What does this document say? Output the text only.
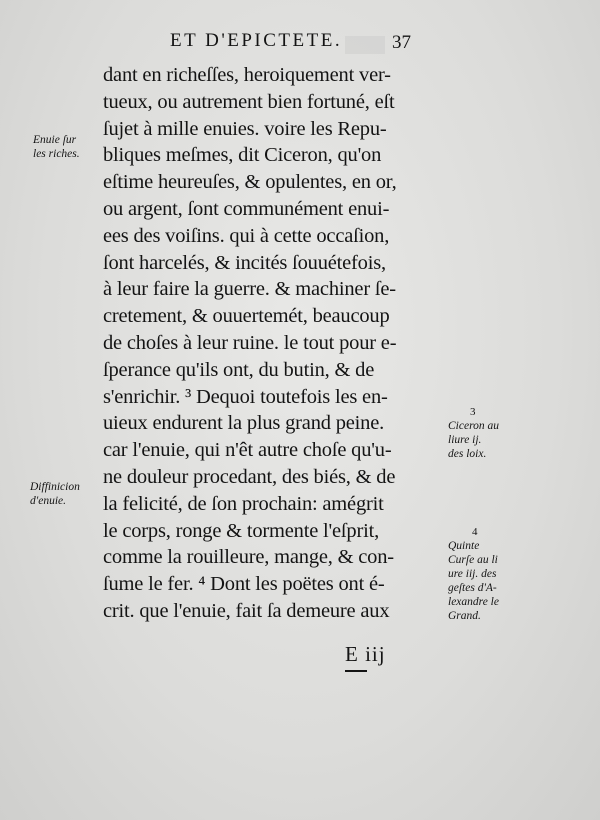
ET D'EPICTETE.	37
dant en richeſſes, heroiquement ver-
tueux, ou autrement bien fortuné, eſt
ſujet à mille enuies. voire les Repu-
bliques meſmes, dit Ciceron, qu'on
eſtime heureuſes, & opulentes, en or,
ou argent, ſont communément enui-
ees des voiſins. qui à cette occaſion,
ſont harcelés, & incités ſouuétefois,
à leur faire la guerre. & machiner ſe-
cretement, & ouuertemét, beaucoup
de choſes à leur ruine. le tout pour e-
ſperance qu'ils ont, du butin, & de
s'enrichir. ³ Dequoi toutefois les en-
uieux endurent la plus grand peine.
car l'enuie, qui n'êt autre choſe qu'u-
ne douleur procedant, des biés, & de
la felicité, de ſon prochain: amégrit
le corps, ronge & tormente l'eſprit,
comme la rouilleure, mange, & con-
ſume le fer. ⁴ Dont les poëtes ont é-
crit. que l'enuie, fait ſa demeure aux
E iij
Enuie ſur
les riches.
Diffinicion
d'enuie.
3
Ciceron au
liure ij.
des loix.
4
Quinte
Curſe au li
ure iij. des
geſtes d'A-
lexandre le
Grand.
